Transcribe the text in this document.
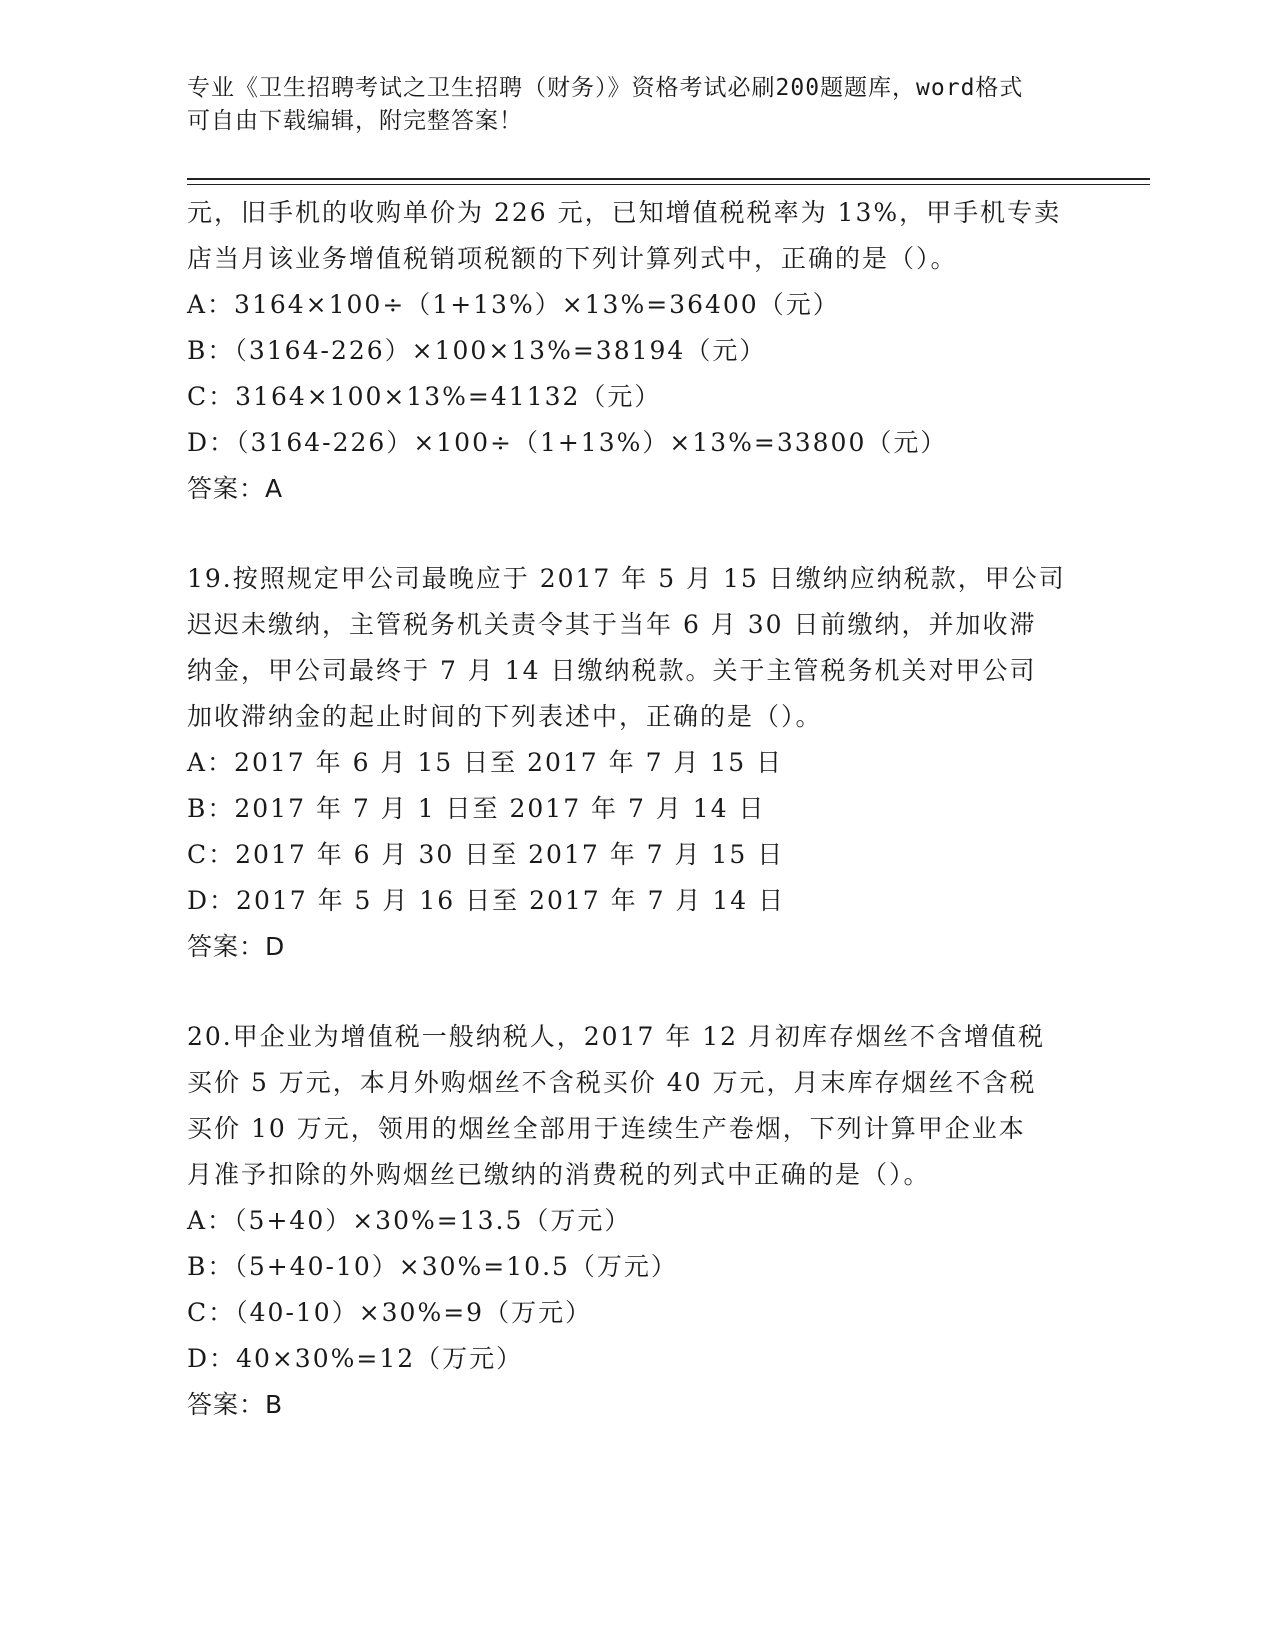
专业《卫生招聘考试之卫生招聘（财务）》资格考试必刷200题题库，word格式
可自由下载编辑，附完整答案！
元，旧手机的收购单价为 226 元，已知增值税税率为 13%，甲手机专卖
店当月该业务增值税销项税额的下列计算列式中，正确的是（）。
A：3164×100÷（1+13%）×13%=36400（元）
B：（3164-226）×100×13%=38194（元）
C：3164×100×13%=41132（元）
D：（3164-226）×100÷（1+13%）×13%=33800（元）
答案：A
19.按照规定甲公司最晚应于 2017 年 5 月 15 日缴纳应纳税款，甲公司
迟迟未缴纳，主管税务机关责令其于当年 6 月 30 日前缴纳，并加收滞
纳金，甲公司最终于 7 月 14 日缴纳税款。关于主管税务机关对甲公司
加收滞纳金的起止时间的下列表述中，正确的是（）。
A：2017 年 6 月 15 日至 2017 年 7 月 15 日
B：2017 年 7 月 1 日至 2017 年 7 月 14 日
C：2017 年 6 月 30 日至 2017 年 7 月 15 日
D：2017 年 5 月 16 日至 2017 年 7 月 14 日
答案：D
20.甲企业为增值税一般纳税人，2017 年 12 月初库存烟丝不含增值税
买价 5 万元，本月外购烟丝不含税买价 40 万元，月末库存烟丝不含税
买价 10 万元，领用的烟丝全部用于连续生产卷烟，下列计算甲企业本
月准予扣除的外购烟丝已缴纳的消费税的列式中正确的是（）。
A：（5+40）×30%=13.5（万元）
B：（5+40-10）×30%=10.5（万元）
C：（40-10）×30%=9（万元）
D：40×30%=12（万元）
答案：B
